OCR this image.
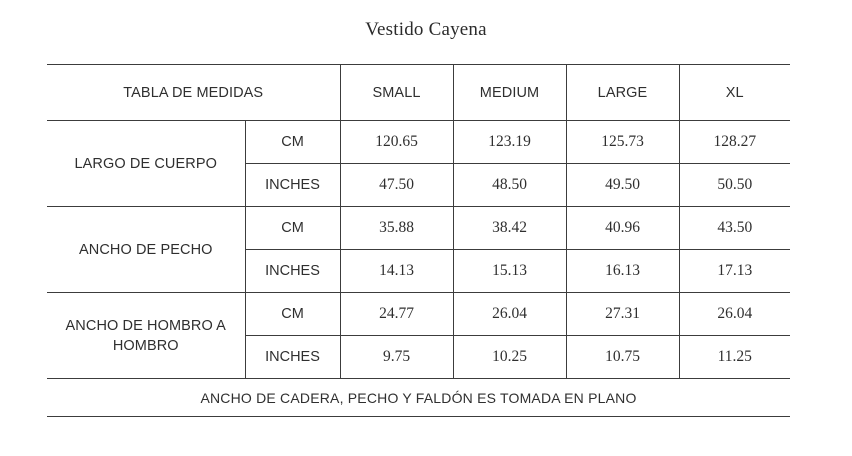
Vestido Cayena
TABLA DE MEDIDAS		SMALL	MEDIUM	LARGE	XL
LARGO DE CUERPO	CM	120.65	123.19	125.73	128.27
	INCHES	47.50	48.50	49.50	50.50
ANCHO DE PECHO	CM	35.88	38.42	40.96	43.50
	INCHES	14.13	15.13	16.13	17.13
ANCHO DE HOMBRO A HOMBRO	CM	24.77	26.04	27.31	26.04
	INCHES	9.75	10.25	10.75	11.25
ANCHO DE CADERA, PECHO Y FALDÓN ES TOMADA EN PLANO					
